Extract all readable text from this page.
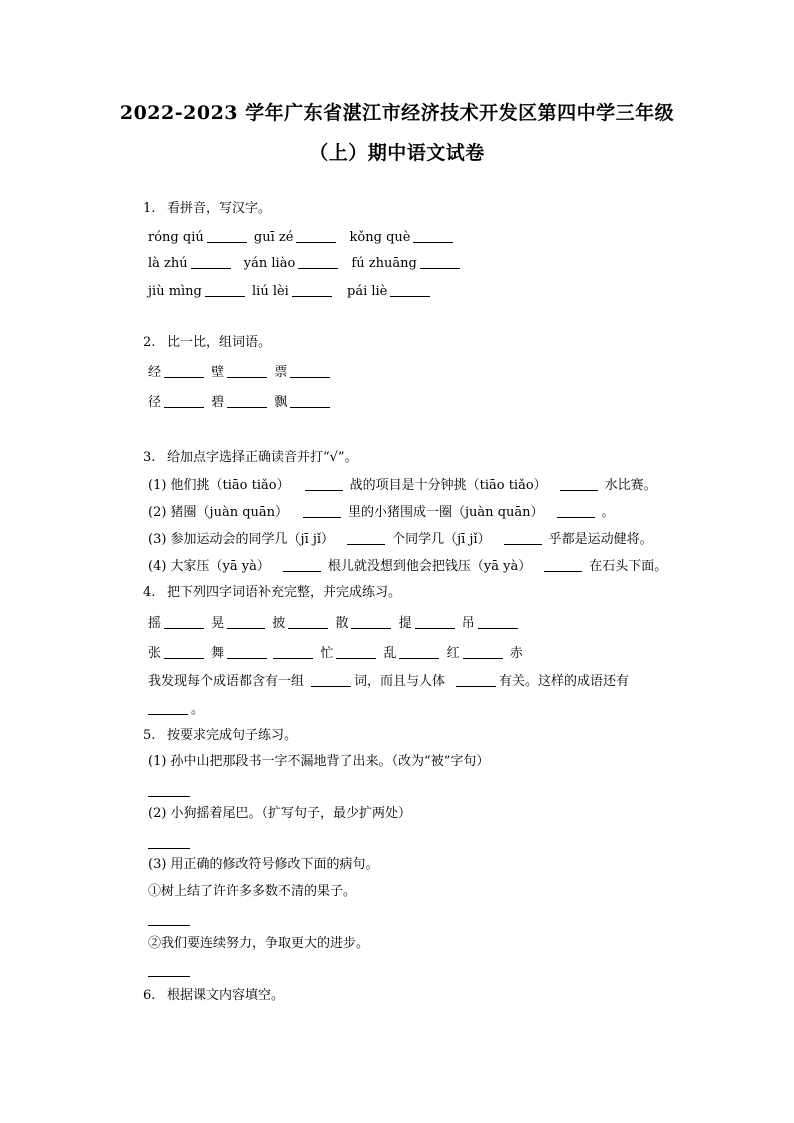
2022-2023 学年广东省湛江市经济技术开发区第四中学三年级
（上）期中语文试卷
1. 看拼音，写汉字。
róng qiú	guī zé	kǒng què
là zhú	yán liào	fú zhuāng
jiù mìng	liú lèi	pái liè
2. 比一比，组词语。
经	壁	票
径	碧	飘
3. 给加点字选择正确读音并打“√”。
(1) 他们挑（tiāo tiǎo）	战的项目是十分钟挑（tiāo tiǎo）	水比赛。
(2) 猪圈（juàn quān）	里的小猪围成一圈（juàn quān）	。
(3) 参加运动会的同学几（jī jǐ）	个同学几（jī jǐ）	乎都是运动健将。
(4) 大家压（yā yà）	根儿就没想到他会把钱压（yā yà）	在石头下面。
4. 把下列四字词语补充完整，并完成练习。
摇	晃	披	散	提	吊
张	舞	忙	乱	红	赤
我发现每个成语都含有一组	词，而且与人体	有关。这样的成语还有
。
5. 按要求完成句子练习。
(1) 孙中山把那段书一字不漏地背了出来。（改为“被”字句）
(2) 小狗摇着尾巴。（扩写句子，最少扩两处）
(3) 用正确的修改符号修改下面的病句。
①树上结了许许多多数不清的果子。
②我们要连续努力，争取更大的进步。
6. 根据课文内容填空。
